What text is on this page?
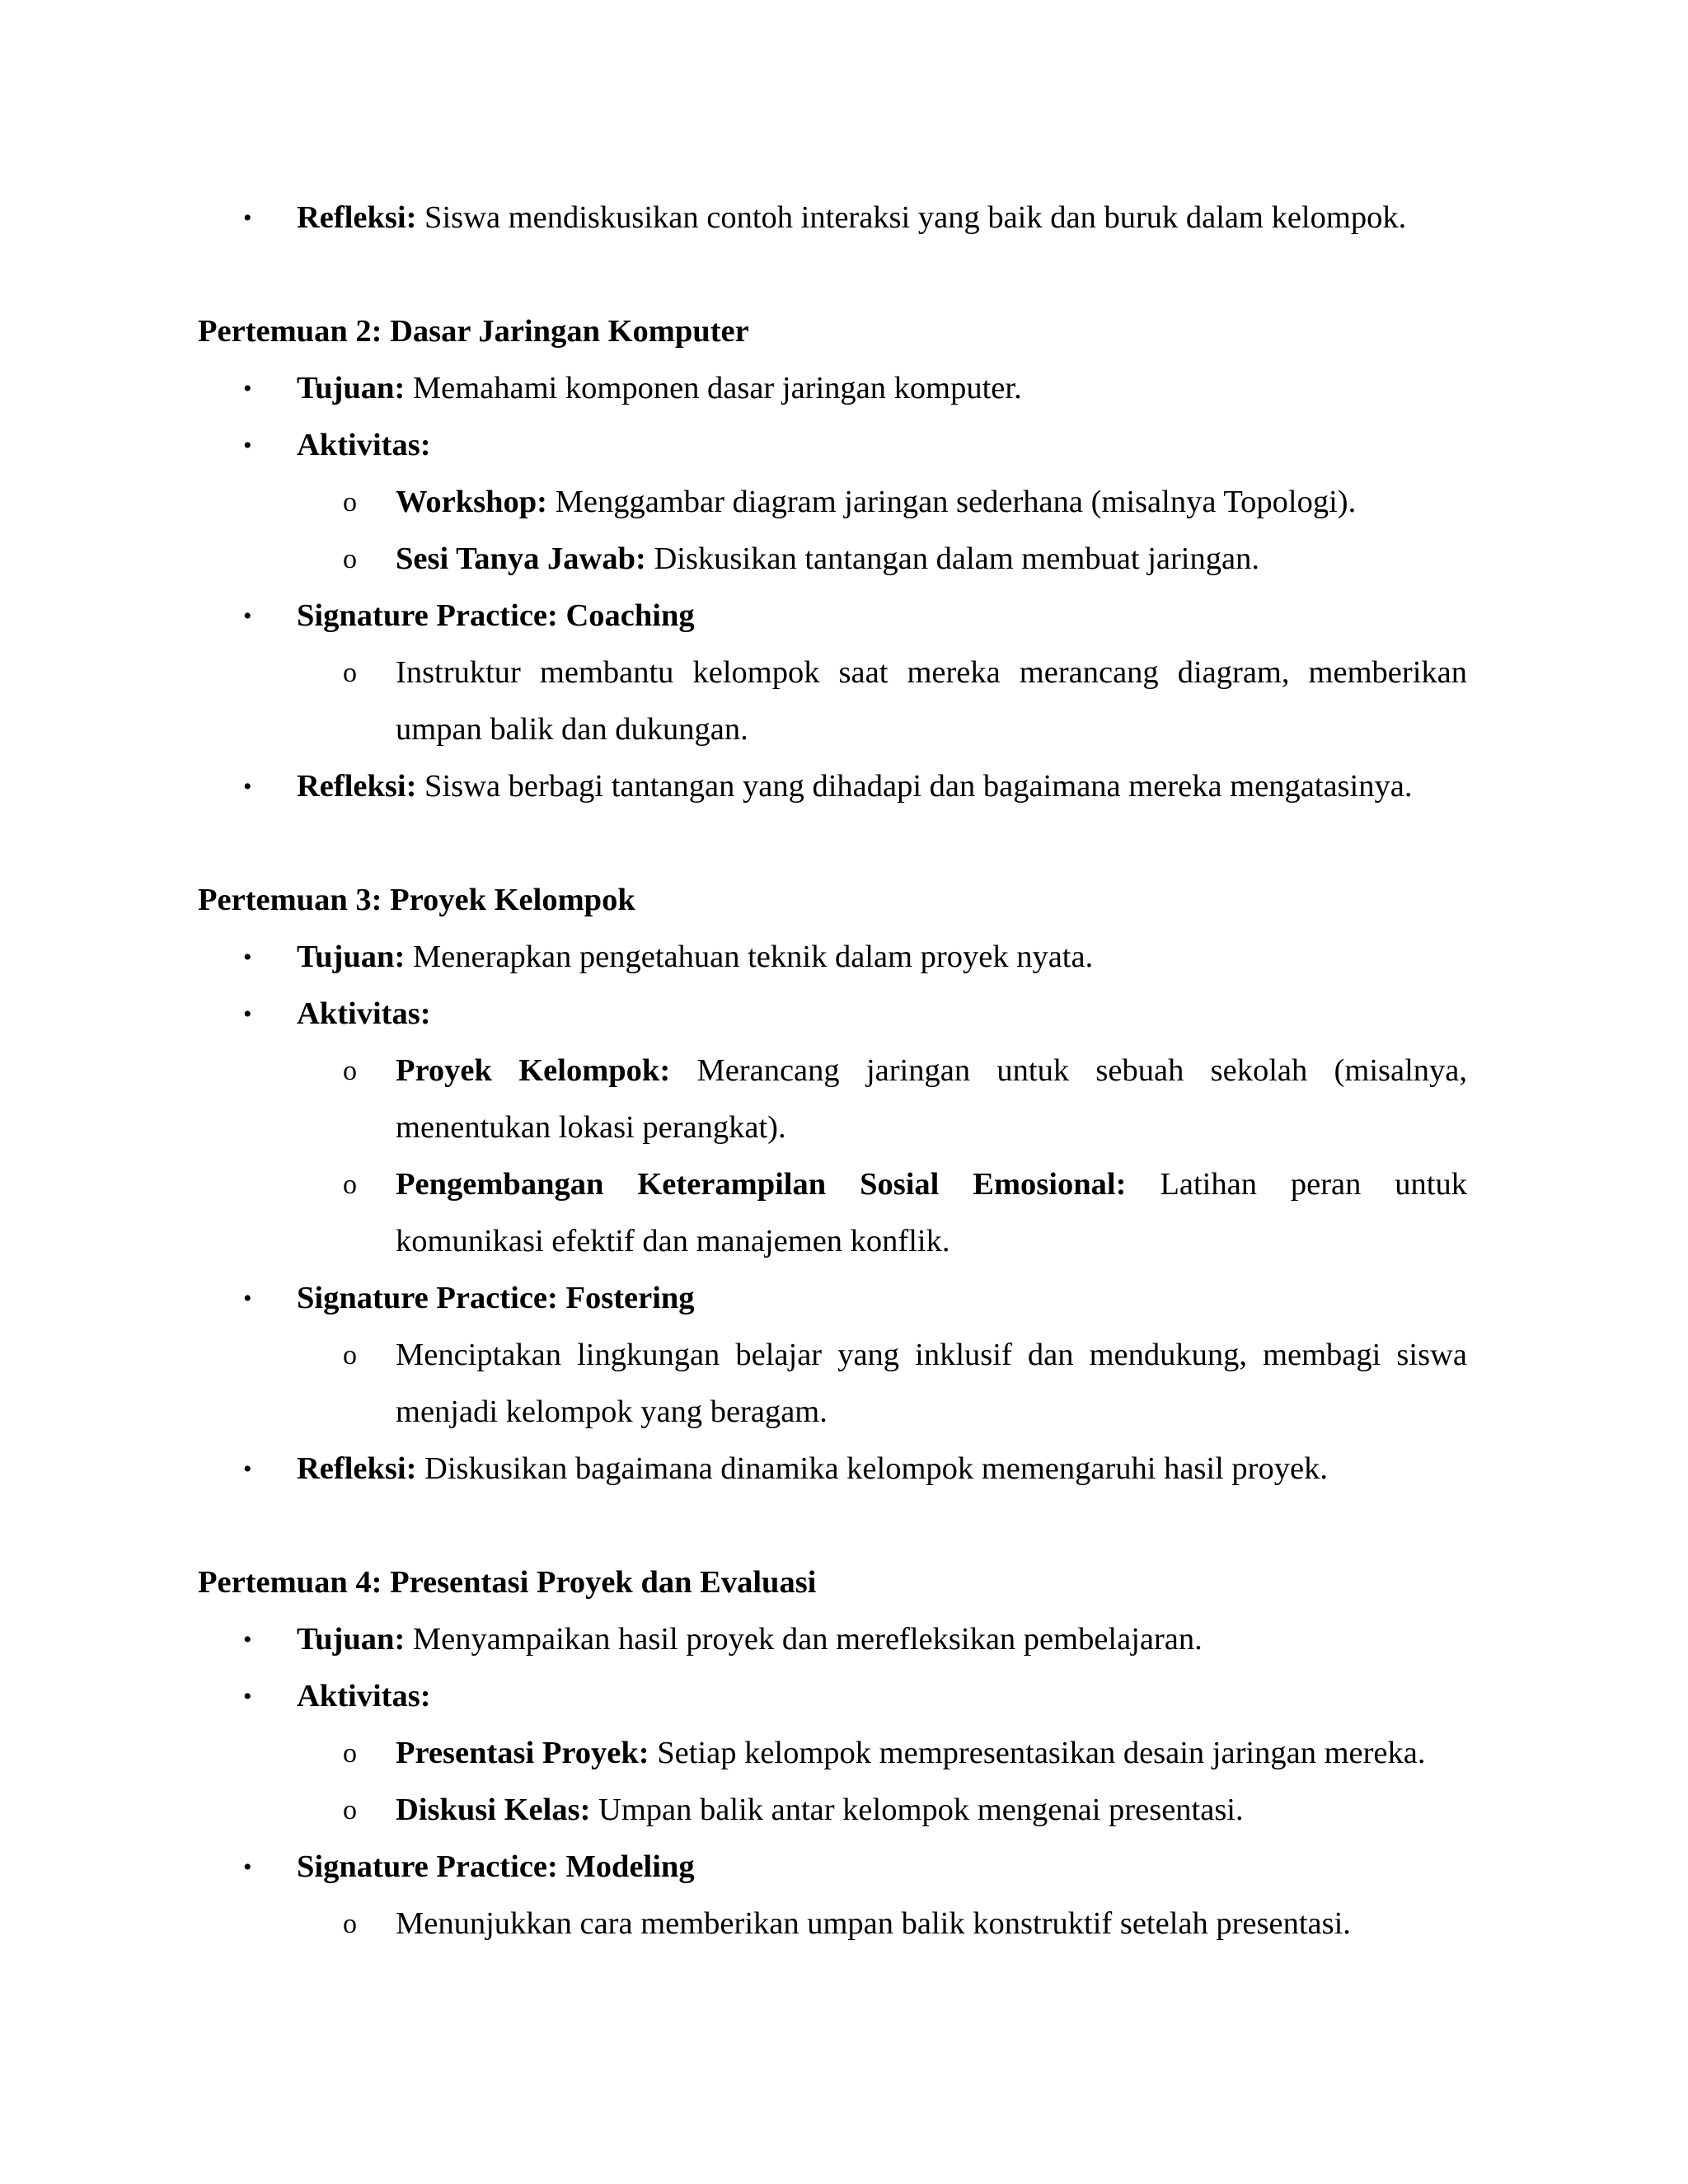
• Refleksi: Siswa mendiskusikan contoh interaksi yang baik dan buruk dalam kelompok.
Pertemuan 2: Dasar Jaringan Komputer
• Tujuan: Memahami komponen dasar jaringan komputer.
• Aktivitas:
o Workshop: Menggambar diagram jaringan sederhana (misalnya Topologi).
o Sesi Tanya Jawab: Diskusikan tantangan dalam membuat jaringan.
• Signature Practice: Coaching
o Instruktur membantu kelompok saat mereka merancang diagram, memberikan umpan balik dan dukungan.
• Refleksi: Siswa berbagi tantangan yang dihadapi dan bagaimana mereka mengatasinya.
Pertemuan 3: Proyek Kelompok
• Tujuan: Menerapkan pengetahuan teknik dalam proyek nyata.
• Aktivitas:
o Proyek Kelompok: Merancang jaringan untuk sebuah sekolah (misalnya, menentukan lokasi perangkat).
o Pengembangan Keterampilan Sosial Emosional: Latihan peran untuk komunikasi efektif dan manajemen konflik.
• Signature Practice: Fostering
o Menciptakan lingkungan belajar yang inklusif dan mendukung, membagi siswa menjadi kelompok yang beragam.
• Refleksi: Diskusikan bagaimana dinamika kelompok memengaruhi hasil proyek.
Pertemuan 4: Presentasi Proyek dan Evaluasi
• Tujuan: Menyampaikan hasil proyek dan merefleksikan pembelajaran.
• Aktivitas:
o Presentasi Proyek: Setiap kelompok mempresentasikan desain jaringan mereka.
o Diskusi Kelas: Umpan balik antar kelompok mengenai presentasi.
• Signature Practice: Modeling
o Menunjukkan cara memberikan umpan balik konstruktif setelah presentasi.
